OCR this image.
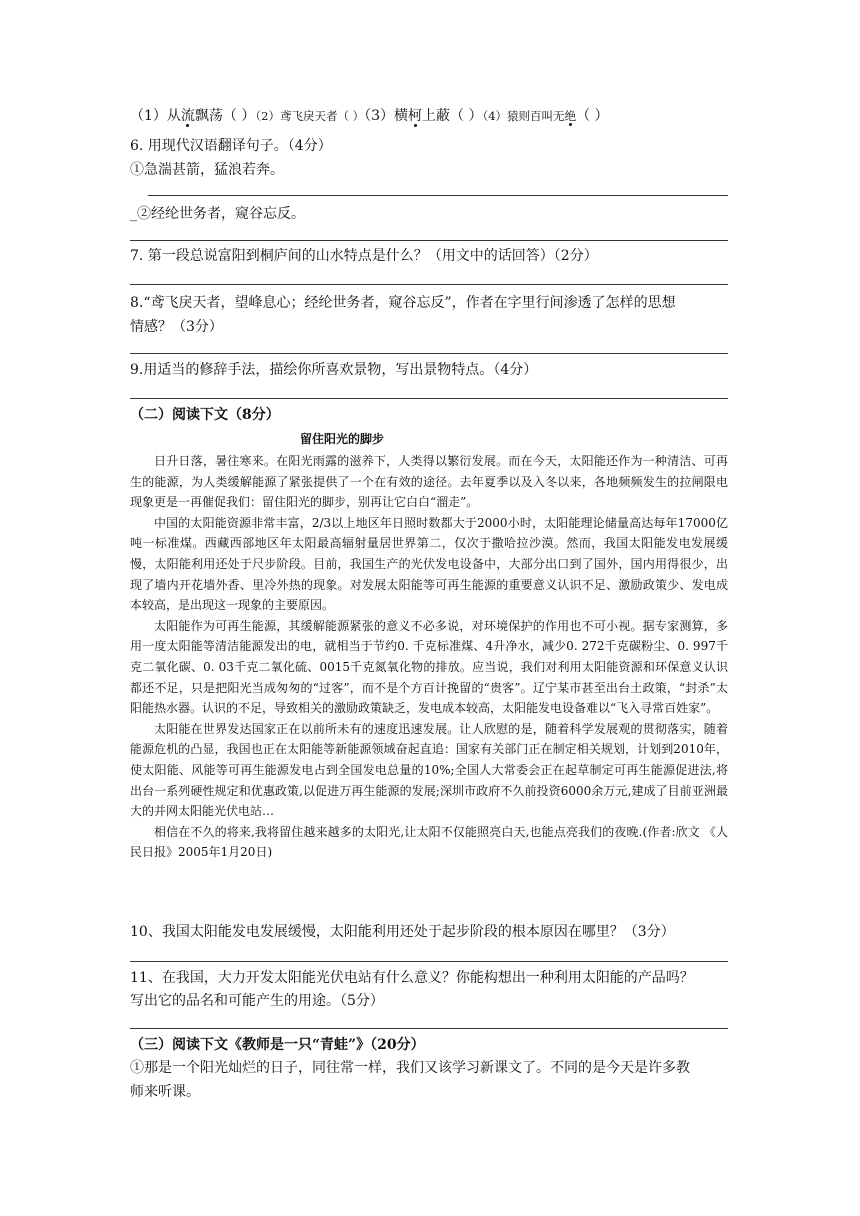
（1）从流飘荡（ ）（2）鸢飞戾天者（ ）（3）横柯上蔽（ ）（4）猿则百叫无绝（ ）
6. 用现代汉语翻译句子。（4分）
①急湍甚箭，猛浪若奔。
_②经纶世务者，窥谷忘反。
7. 第一段总说富阳到桐庐间的山水特点是什么？（用文中的话回答）（2分）
8.“鸢飞戾天者，望峰息心；经纶世务者，窥谷忘反”，作者在字里行间渗透了怎样的思想
情感？（3分）
9.用适当的修辞手法，描绘你所喜欢景物，写出景物特点。（4分）
（二）阅读下文（8分）
留住阳光的脚步

日升日落，暑往寒来。在阳光雨露的滋养下，人类得以繁衍发展。而在今天，太阳能还作为一种清洁、可再生的能源，为人类缓解能源了紧张提供了一个在有效的途径。去年夏季以及入冬以来，各地频频发生的拉闸限电现象更是一再催促我们：留住阳光的脚步，别再让它白白“溜走”。

中国的太阳能资源非常丰富，2/3以上地区年日照时数都大于2000小时，太阳能理论储量高达每年17000亿吨一标准煤。西藏西部地区年太阳最高辐射量居世界第二，仅次于撒哈拉沙漠。然而，我国太阳能发电发展缓慢，太阳能利用还处于尺步阶段。目前，我国生产的光伏发电设备中，大部分出口到了国外，国内用得很少，出现了墙内开花墙外香、里冷外热的现象。对发展太阳能等可再生能源的重要意义认识不足、激励政策少、发电成本较高，是出现这一现象的主要原因。

太阳能作为可再生能源，其缓解能源紧张的意义不必多说，对环境保护的作用也不可小视。据专家测算，多用一度太阳能等清洁能源发出的电，就相当于节约0. 千克标准煤、4升净水，减少0. 272千克碳粉尘、0. 997千克二氧化碳、0. 03千克二氧化硫、0015千克氮氧化物的排放。应当说，我们对利用太阳能资源和环保意义认识都还不足，只是把阳光当成匆匆的“过客”，而不是个方百计挽留的“贵客”。辽宁某市甚至出台土政策，“封杀”太阳能热水器。认识的不足，导致相关的激励政策缺乏，发电成本较高，太阳能发电设备难以“飞入寻常百姓家”。

太阳能在世界发达国家正在以前所未有的速度迅速发展。让人欣慰的是，随着科学发展观的贯彻落实，随着能源危机的凸显，我国也正在太阳能等新能源领域奋起直追：国家有关部门正在制定相关规划，计划到2010年，使太阳能、风能等可再生能源发电占到全国发电总量的10%;全国人大常委会正在起草制定可再生能源促进法,将出台一系列硬性规定和优惠政策,以促进万再生能源的发展;深圳市政府不久前投资6000余万元,建成了目前亚洲最大的并网太阳能光伏电站…

相信在不久的将来,我将留住越来越多的太阳光,让太阳不仅能照亮白天,也能点亮我们的夜晚.(作者:欣文 《人民日报》2005年1月20日)

10、我国太阳能发电发展缓慢，太阳能利用还处于起步阶段的根本原因在哪里？（3分）
11、在我国，大力开发太阳能光伏电站有什么意义？你能构想出一种利用太阳能的产品吗？
写出它的品名和可能产生的用途。（5分）
（三）阅读下文《教师是一只“青蛙”》（20分）
①那是一个阳光灿烂的日子，同往常一样，我们又该学习新课文了。不同的是今天是许多教
师来听课。
